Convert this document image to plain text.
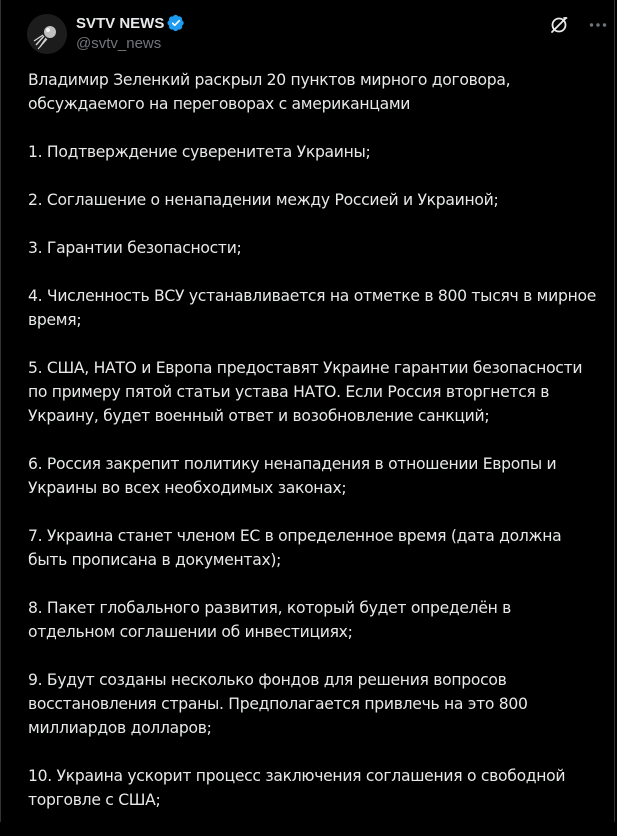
SVTV NEWS
@svtv_news

Владимир Зеленкий раскрыл 20 пунктов мирного договора, обсуждаемого на переговорах с американцами

1. Подтверждение суверенитета Украины;

2. Соглашение о ненападении между Россией и Украиной;

3. Гарантии безопасности;

4. Численность ВСУ устанавливается на отметке в 800 тысяч в мирное время;

5. США, НАТО и Европа предоставят Украине гарантии безопасности по примеру пятой статьи устава НАТО. Если Россия вторгнется в Украину, будет военный ответ и возобновление санкций;

6. Россия закрепит политику ненападения в отношении Европы и Украины во всех необходимых законах;

7. Украина станет членом ЕС в определенное время (дата должна быть прописана в документах);

8. Пакет глобального развития, который будет определён в отдельном соглашении об инвестициях;

9. Будут созданы несколько фондов для решения вопросов восстановления страны. Предполагается привлечь на это 800 миллиардов долларов;

10. Украина ускорит процесс заключения соглашения о свободной торговле с США;
